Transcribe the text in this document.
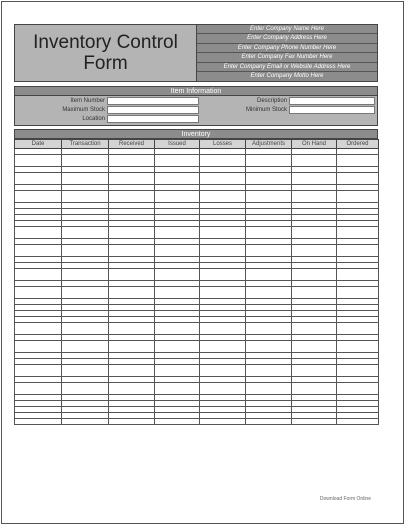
Inventory Control
Form
Enter Company Name Here
Enter Company Address Here
Enter Company Phone Number Here
Enter Company Fax Number Here
Enter Company Email or Website Address Here
Enter Company Motto Here
Item Information
Item Number
Maximum Stock
Location
Description
Minimum Stock
Inventory
Date	Transaction	Received	Issued	Losses	Adjustments	On Hand	Ordered

Download Form Online
